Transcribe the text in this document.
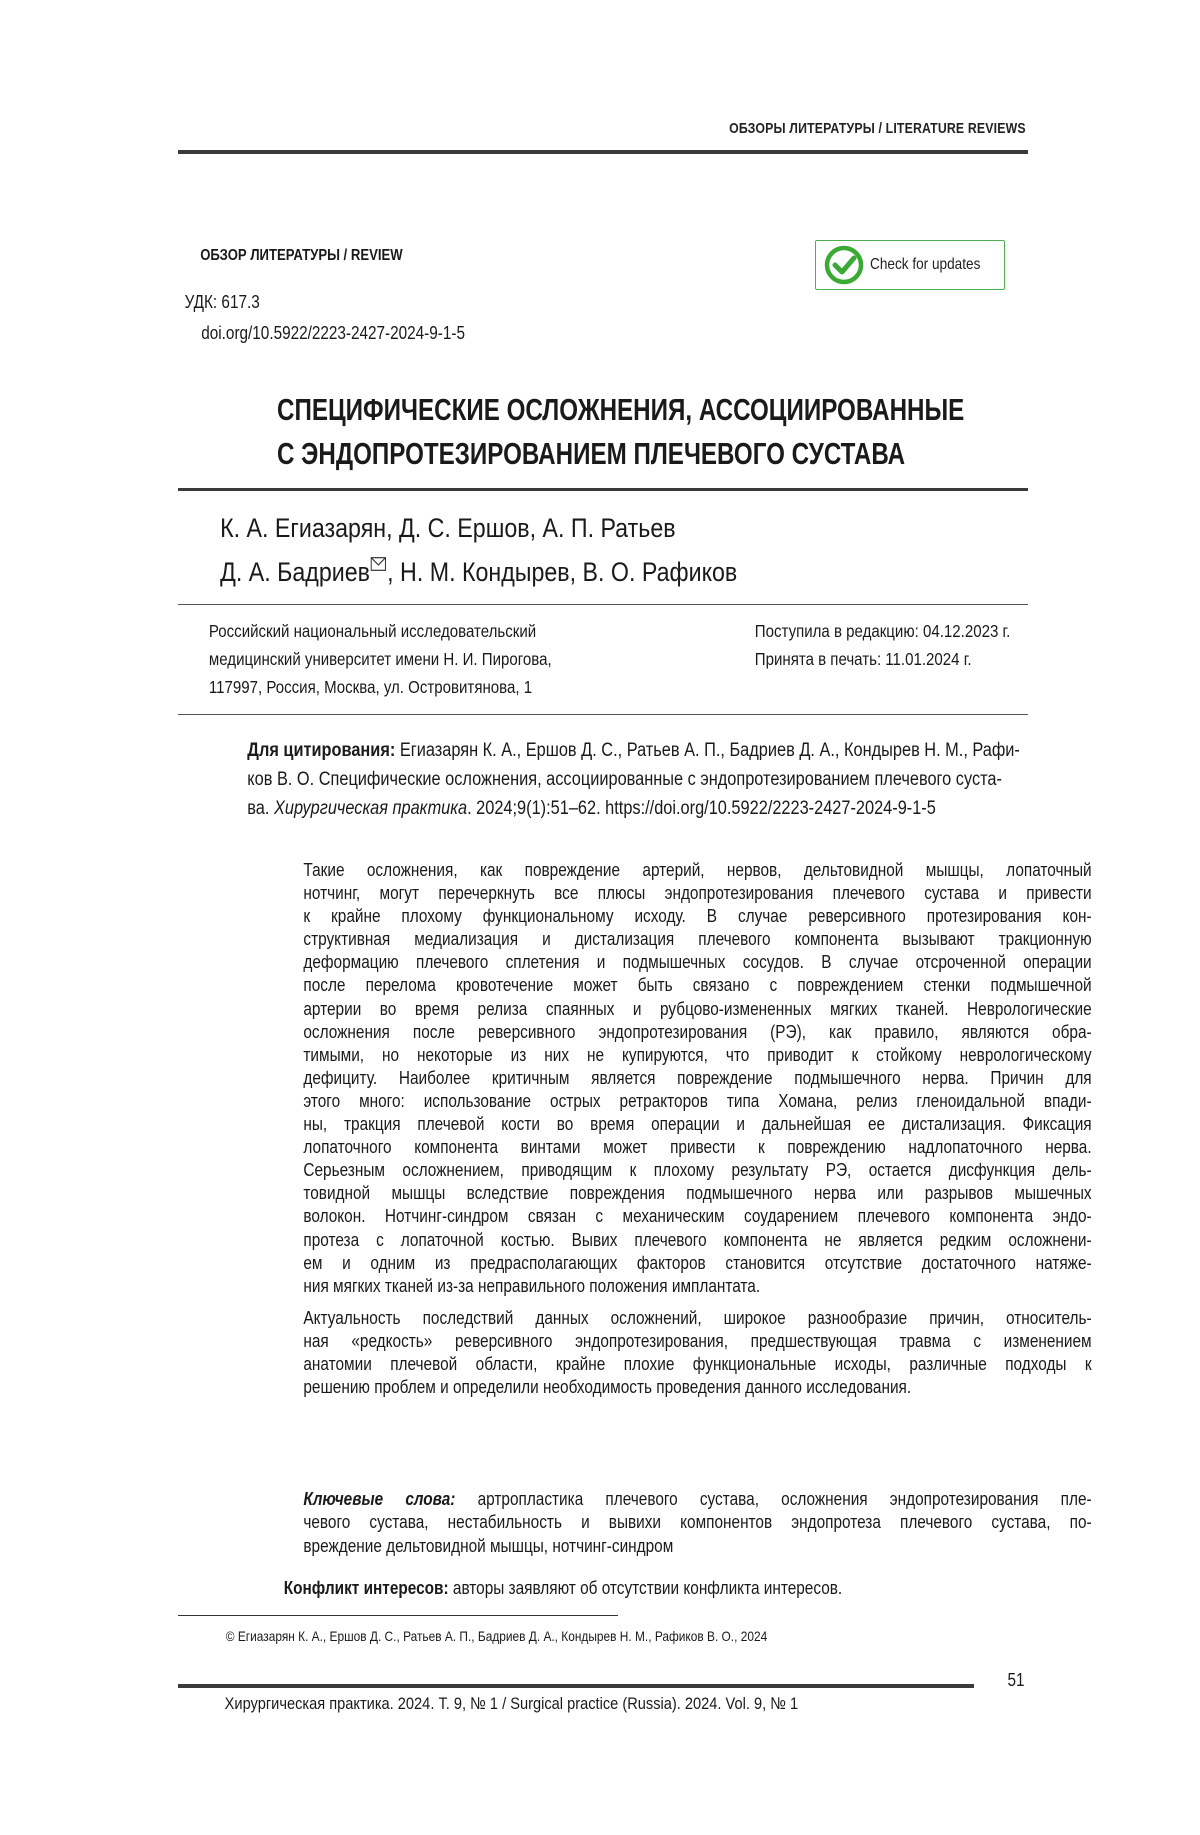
ОБЗОРЫ ЛИТЕРАТУРЫ / LITERATURE REVIEWS
ОБЗОР ЛИТЕРАТУРЫ / REVIEW
Check for updates
УДК: 617.3
doi.org/10.5922/2223-2427-2024-9-1-5
СПЕЦИФИЧЕСКИЕ ОСЛОЖНЕНИЯ, АССОЦИИРОВАННЫЕ
С ЭНДОПРОТЕЗИРОВАНИЕМ ПЛЕЧЕВОГО СУСТАВА
К. А. Егиазарян, Д. С. Ершов, А. П. Ратьев
Д. А. Бадриев , Н. М. Кондырев, В. О. Рафиков
Российский национальный исследовательский
медицинский университет имени Н. И. Пирогова,
117997, Россия, Москва, ул. Островитянова, 1
Поступила в редакцию: 04.12.2023 г.
Принята в печать: 11.01.2024 г.
Для цитирования: Егиазарян К. А., Ершов Д. С., Ратьев А. П., Бадриев Д. А., Кондырев Н. М., Рафи-
ков В. О. Специфические осложнения, ассоциированные с эндопротезированием плечевого суста-
ва. Хирургическая практика. 2024;9(1):51–62. https://doi.org/10.5922/2223-2427-2024-9-1-5
Такие осложнения, как повреждение артерий, нервов, дельтовидной мышцы, лопаточный
нотчинг, могут перечеркнуть все плюсы эндопротезирования плечевого сустава и привести
к крайне плохому функциональному исходу. В случае реверсивного протезирования кон-
структивная медиализация и дистализация плечевого компонента вызывают тракционную
деформацию плечевого сплетения и подмышечных сосудов. В случае отсроченной операции
после перелома кровотечение может быть связано с повреждением стенки подмышечной
артерии во время релиза спаянных и рубцово-измененных мягких тканей. Неврологические
осложнения после реверсивного эндопротезирования (РЭ), как правило, являются обра-
тимыми, но некоторые из них не купируются, что приводит к стойкому неврологическому
дефициту. Наиболее критичным является повреждение подмышечного нерва. Причин для
этого много: использование острых ретракторов типа Хомана, релиз гленоидальной впади-
ны, тракция плечевой кости во время операции и дальнейшая ее дистализация. Фиксация
лопаточного компонента винтами может привести к повреждению надлопаточного нерва.
Серьезным осложнением, приводящим к плохому результату РЭ, остается дисфункция дель-
товидной мышцы вследствие повреждения подмышечного нерва или разрывов мышечных
волокон. Нотчинг-синдром связан с механическим соударением плечевого компонента эндо-
протеза с лопаточной костью. Вывих плечевого компонента не является редким осложнени-
ем и одним из предрасполагающих факторов становится отсутствие достаточного натяже-
ния мягких тканей из-за неправильного положения имплантата.
Актуальность последствий данных осложнений, широкое разнообразие причин, относитель-
ная «редкость» реверсивного эндопротезирования, предшествующая травма с изменением
анатомии плечевой области, крайне плохие функциональные исходы, различные подходы к
решению проблем и определили необходимость проведения данного исследования.
Ключевые слова: артропластика плечевого сустава, осложнения эндопротезирования пле-
чевого сустава, нестабильность и вывихи компонентов эндопротеза плечевого сустава, по-
вреждение дельтовидной мышцы, нотчинг-синдром
Конфликт интересов: авторы заявляют об отсутствии конфликта интересов.
© Егиазарян К. А., Ершов Д. С., Ратьев А. П., Бадриев Д. А., Кондырев Н. М., Рафиков В. О., 2024
51
Хирургическая практика. 2024. Т. 9, № 1 / Surgical practice (Russia). 2024. Vol. 9, № 1
